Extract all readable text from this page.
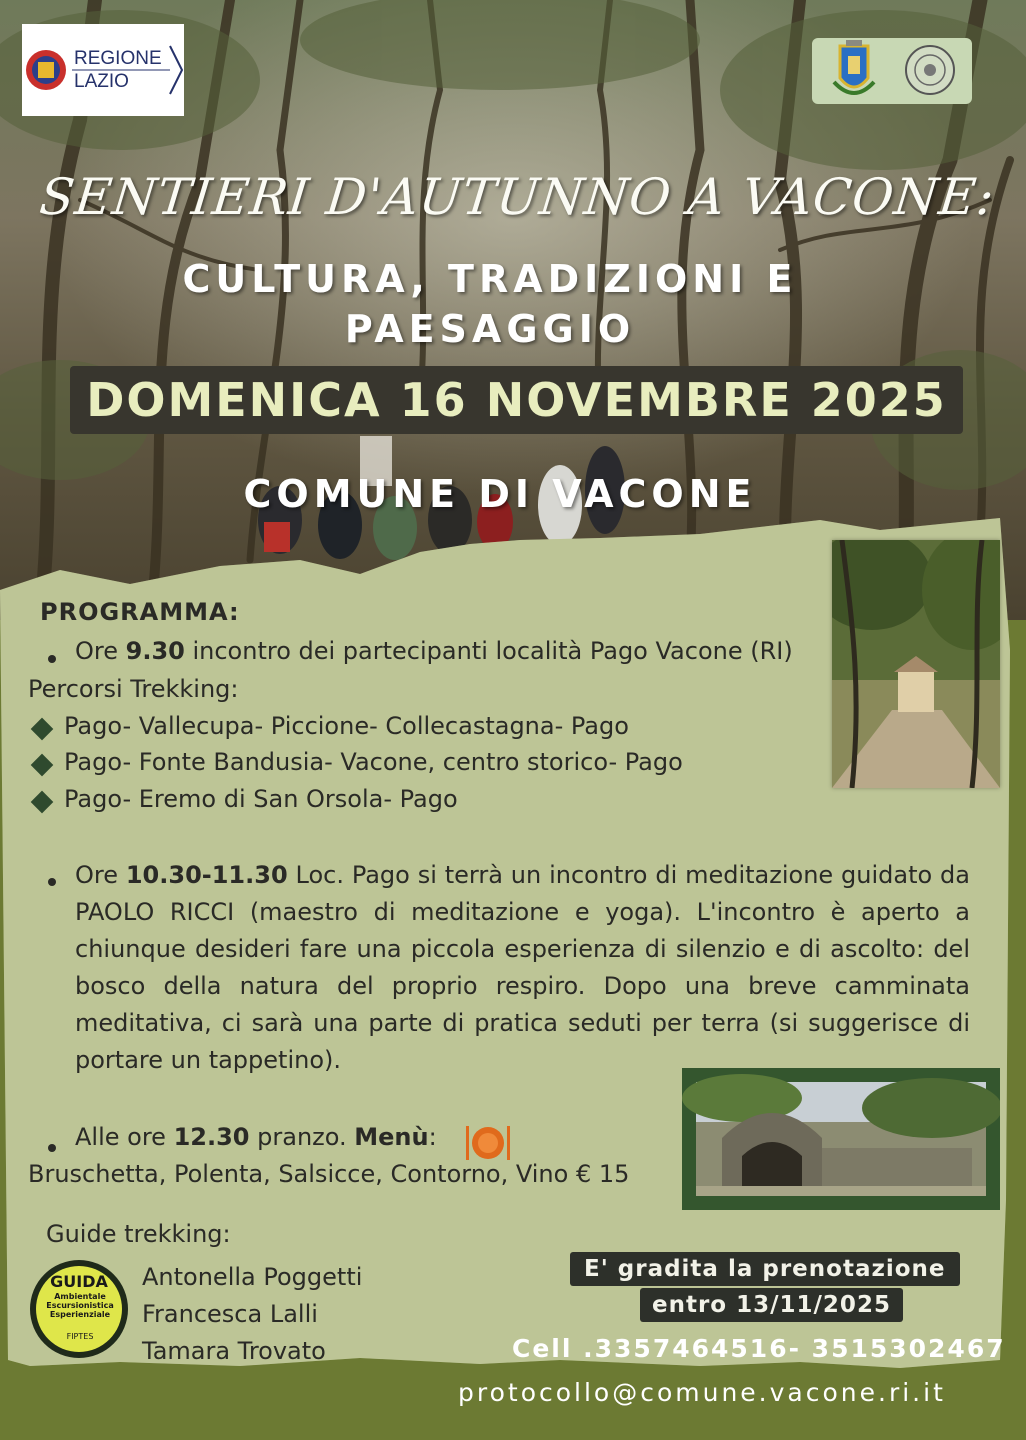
REGIONE
LAZIO
SENTIERI D'AUTUNNO A VACONE:
CULTURA, TRADIZIONI E
PAESAGGIO
DOMENICA 16 NOVEMBRE 2025
COMUNE DI VACONE
PROGRAMMA:
Ore 9.30 incontro dei partecipanti località Pago Vacone (RI)
Percorsi Trekking:
Pago- Vallecupa- Piccione- Collecastagna- Pago
Pago- Fonte Bandusia- Vacone, centro storico- Pago
Pago- Eremo di San Orsola- Pago
Ore 10.30-11.30 Loc. Pago si terrà un incontro di meditazione guidato da PAOLO RICCI (maestro di meditazione e yoga). L'incontro è aperto a chiunque desideri fare una piccola esperienza di silenzio e di ascolto: del bosco della natura del proprio respiro. Dopo una breve camminata meditativa, ci sarà una parte di pratica seduti per terra (si suggerisce di portare un tappetino).
Alle ore 12.30 pranzo. Menù:
Bruschetta, Polenta, Salsicce, Contorno, Vino € 15
Guide trekking:
GUIDA
Ambientale
Escursionistica
Esperienziale
FIPTES
Antonella Poggetti
Francesca Lalli
Tamara Trovato
E' gradita la prenotazione
entro 13/11/2025
Cell .3357464516- 3515302467
protocollo@comune.vacone.ri.it
